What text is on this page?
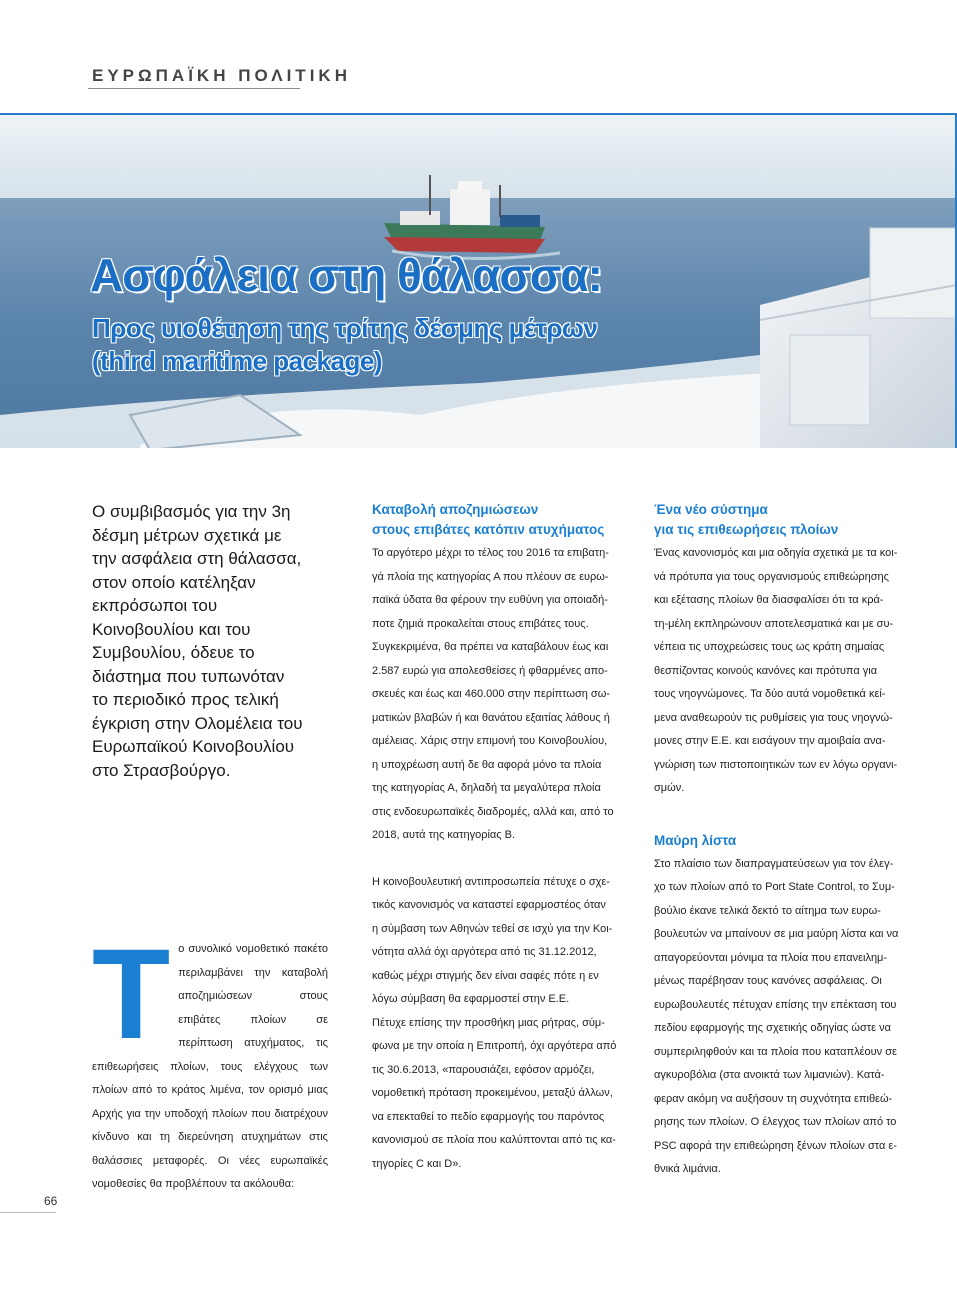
ΕΥΡΩΠΑΪΚΗ ΠΟΛΙΤΙΚΗ
Ασφάλεια στη θάλασσα:
Προς υιοθέτηση της τρίτης δέσμης μέτρων
(third maritime package)
Ο συμβιβασμός για την 3η
δέσμη μέτρων σχετικά με
την ασφάλεια στη θάλασσα,
στον οποίο κατέληξαν
εκπρόσωποι του
Κοινοβουλίου και του
Συμβουλίου, όδευε το
διάστημα που τυπωνόταν
το περιοδικό προς τελική
έγκριση στην Ολομέλεια του
Ευρωπαϊκού Κοινοβουλίου
στο Στρασβούργο.
T ο συνολικό νομοθετικό πακέτο περιλαμβάνει την καταβολή αποζημιώσεων στους επιβάτες πλοίων σε περίπτωση ατυχήματος, τις επιθεωρήσεις πλοίων, τους ελέγχους των πλοίων από το κράτος λιμένα, τον ορισμό μιας Αρχής για την υποδοχή πλοίων που διατρέχουν κίνδυνο και τη διερεύνηση ατυχημάτων στις θαλάσσιες μεταφορές. Οι νέες ευρωπαϊκές νομοθεσίες θα προβλέπουν τα ακόλουθα:
Καταβολή αποζημιώσεων
στους επιβάτες κατόπιν ατυχήματος

Το αργότερο μέχρι το τέλος του 2016 τα επιβατη-

γά πλοία της κατηγορίας Α που πλέουν σε ευρω-

παϊκά ύδατα θα φέρουν την ευθύνη για οποιαδή-

ποτε ζημιά προκαλείται στους επιβάτες τους.

Συγκεκριμένα, θα πρέπει να καταβάλουν έως και

2.587 ευρώ για απολεσθείσες ή φθαρμένες απο-

σκευές και έως και 460.000 στην περίπτωση σω-

ματικών βλαβών ή και θανάτου εξαιτίας λάθους ή

αμέλειας. Χάρις στην επιμονή του Κοινοβουλίου,

η υποχρέωση αυτή δε θα αφορά μόνο τα πλοία

της κατηγορίας Α, δηλαδή τα μεγαλύτερα πλοία

στις ενδοευρωπαϊκές διαδρομές, αλλά και, από το

2018, αυτά της κατηγορίας Β.

Η κοινοβουλευτική αντιπροσωπεία πέτυχε ο σχε-

τικός κανονισμός να καταστεί εφαρμοστέος όταν

η σύμβαση των Αθηνών τεθεί σε ισχύ για την Κοι-

νότητα αλλά όχι αργότερα από τις 31.12.2012,

καθώς μέχρι στιγμής δεν είναι σαφές πότε η εν

λόγω σύμβαση θα εφαρμοστεί στην Ε.Ε.

Πέτυχε επίσης την προσθήκη μιας ρήτρας, σύμ-

φωνα με την οποία η Επιτροπή, όχι αργότερα από

τις 30.6.2013, «παρουσιάζει, εφόσον αρμόζει,

νομοθετική πρόταση προκειμένου, μεταξύ άλλων,

να επεκταθεί το πεδίο εφαρμογής του παρόντος

κανονισμού σε πλοία που καλύπτονται από τις κα-

τηγορίες C και D».

Ένα νέο σύστημα
για τις επιθεωρήσεις πλοίων

Ένας κανονισμός και μια οδηγία σχετικά με τα κοι-

νά πρότυπα για τους οργανισμούς επιθεώρησης

και εξέτασης πλοίων θα διασφαλίσει ότι τα κρά-

τη-μέλη εκπληρώνουν αποτελεσματικά και με συ-

νέπεια τις υποχρεώσεις τους ως κράτη σημαίας

θεσπίζοντας κοινούς κανόνες και πρότυπα για

τους νηογνώμονες. Τα δύο αυτά νομοθετικά κεί-

μενα αναθεωρούν τις ρυθμίσεις για τους νηογνώ-

μονες στην Ε.Ε. και εισάγουν την αμοιβαία ανα-

γνώριση των πιστοποιητικών των εν λόγω οργανι-

σμών.

Μαύρη λίστα

Στο πλαίσιο των διαπραγματεύσεων για τον έλεγ-

χο των πλοίων από το Port State Control, το Συμ-

βούλιο έκανε τελικά δεκτό το αίτημα των ευρω-

βουλευτών να μπαίνουν σε μια μαύρη λίστα και να

απαγορεύονται μόνιμα τα πλοία που επανειλημ-

μένως παρέβησαν τους κανόνες ασφάλειας. Οι

ευρωβουλευτές πέτυχαν επίσης την επέκταση του

πεδίου εφαρμογής της σχετικής οδηγίας ώστε να

συμπεριληφθούν και τα πλοία που καταπλέουν σε

αγκυροβόλια (στα ανοικτά των λιμανιών). Κατά-

φεραν ακόμη να αυξήσουν τη συχνότητα επιθεώ-

ρησης των πλοίων. Ο έλεγχος των πλοίων από το

PSC αφορά την επιθεώρηση ξένων πλοίων στα ε-

θνικά λιμάνια.

66
